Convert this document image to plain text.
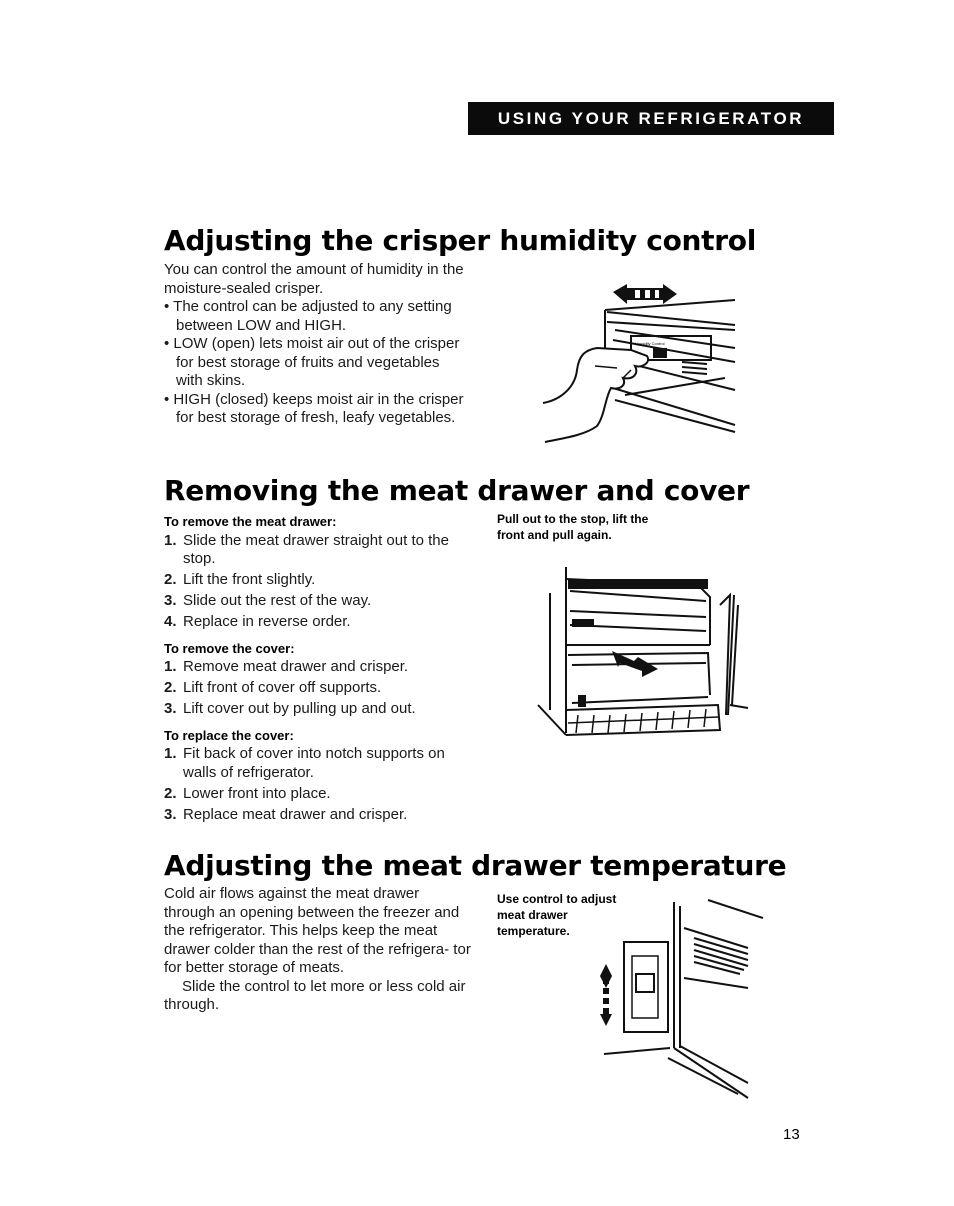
USING YOUR REFRIGERATOR
Adjusting the crisper humidity control

You can control the amount of humidity in the moisture-sealed crisper.

• The control can be adjusted to any setting between LOW and HIGH.

• LOW (open) lets moist air out of the crisper for best storage of fruits and vegetables with skins.

• HIGH (closed) keeps moist air in the crisper for best storage of fresh, leafy vegetables.

Humidity Control
Removing the meat drawer and cover

To remove the meat drawer:

1. Slide the meat drawer straight out to the stop.
2. Lift the front slightly.
3. Slide out the rest of the way.
4. Replace in reverse order.

To remove the cover:

1. Remove meat drawer and crisper.
2. Lift front of cover off supports.
3. Lift cover out by pulling up and out.

To replace the cover:

1. Fit back of cover into notch supports on walls of refrigerator.
2. Lower front into place.
3. Replace meat drawer and crisper.
Pull out to the stop, lift the front and pull again.
Adjusting the meat drawer temperature

Cold air flows against the meat drawer through an opening between the freezer and the refrigerator. This helps keep the meat drawer colder than the rest of the refrigera- tor for better storage of meats.

Slide the control to let more or less cold air through.

Use control to adjust meat drawer temperature.
13
